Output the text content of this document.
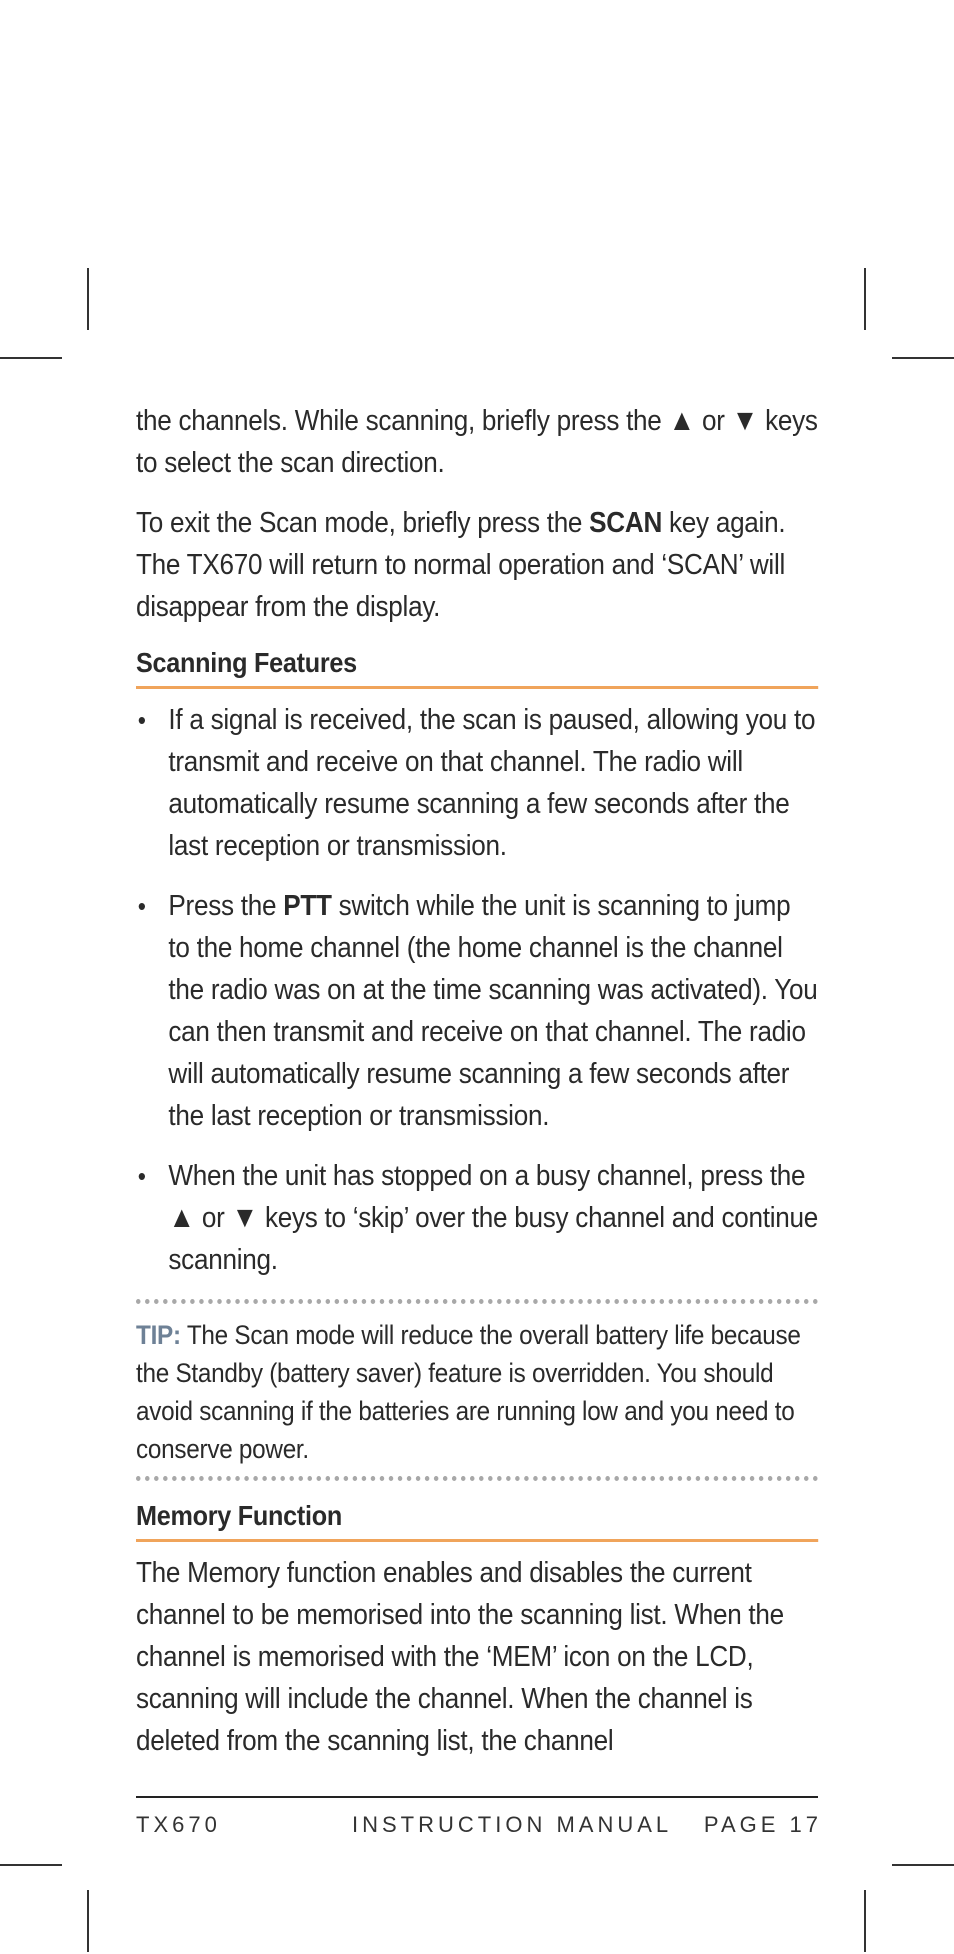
the channels. While scanning, briefly press the ▲ or ▼ keys to select the scan direction.

To exit the Scan mode, briefly press the SCAN key again. The TX670 will return to normal operation and ‘SCAN’ will disappear from the display.

Scanning Features
• If a signal is received, the scan is paused, allowing you to transmit and receive on that channel. The radio will automatically resume scanning a few seconds after the last reception or transmission.
• Press the PTT switch while the unit is scanning to jump to the home channel (the home channel is the channel the radio was on at the time scanning was activated). You can then transmit and receive on that channel. The radio will automatically resume scanning a few seconds after the last reception or transmission.
• When the unit has stopped on a busy channel, press the ▲ or ▼ keys to ‘skip’ over the busy channel and continue scanning.
TIP: The Scan mode will reduce the overall battery life because the Standby (battery saver) feature is overridden. You should avoid scanning if the batteries are running low and you need to conserve power.
Memory Function

The Memory function enables and disables the current channel to be memorised into the scanning list. When the channel is memorised with the ‘MEM’ icon on the LCD, scanning will include the channel. When the channel is deleted from the scanning list, the channel

TX670	INSTRUCTION MANUAL PAGE 17
